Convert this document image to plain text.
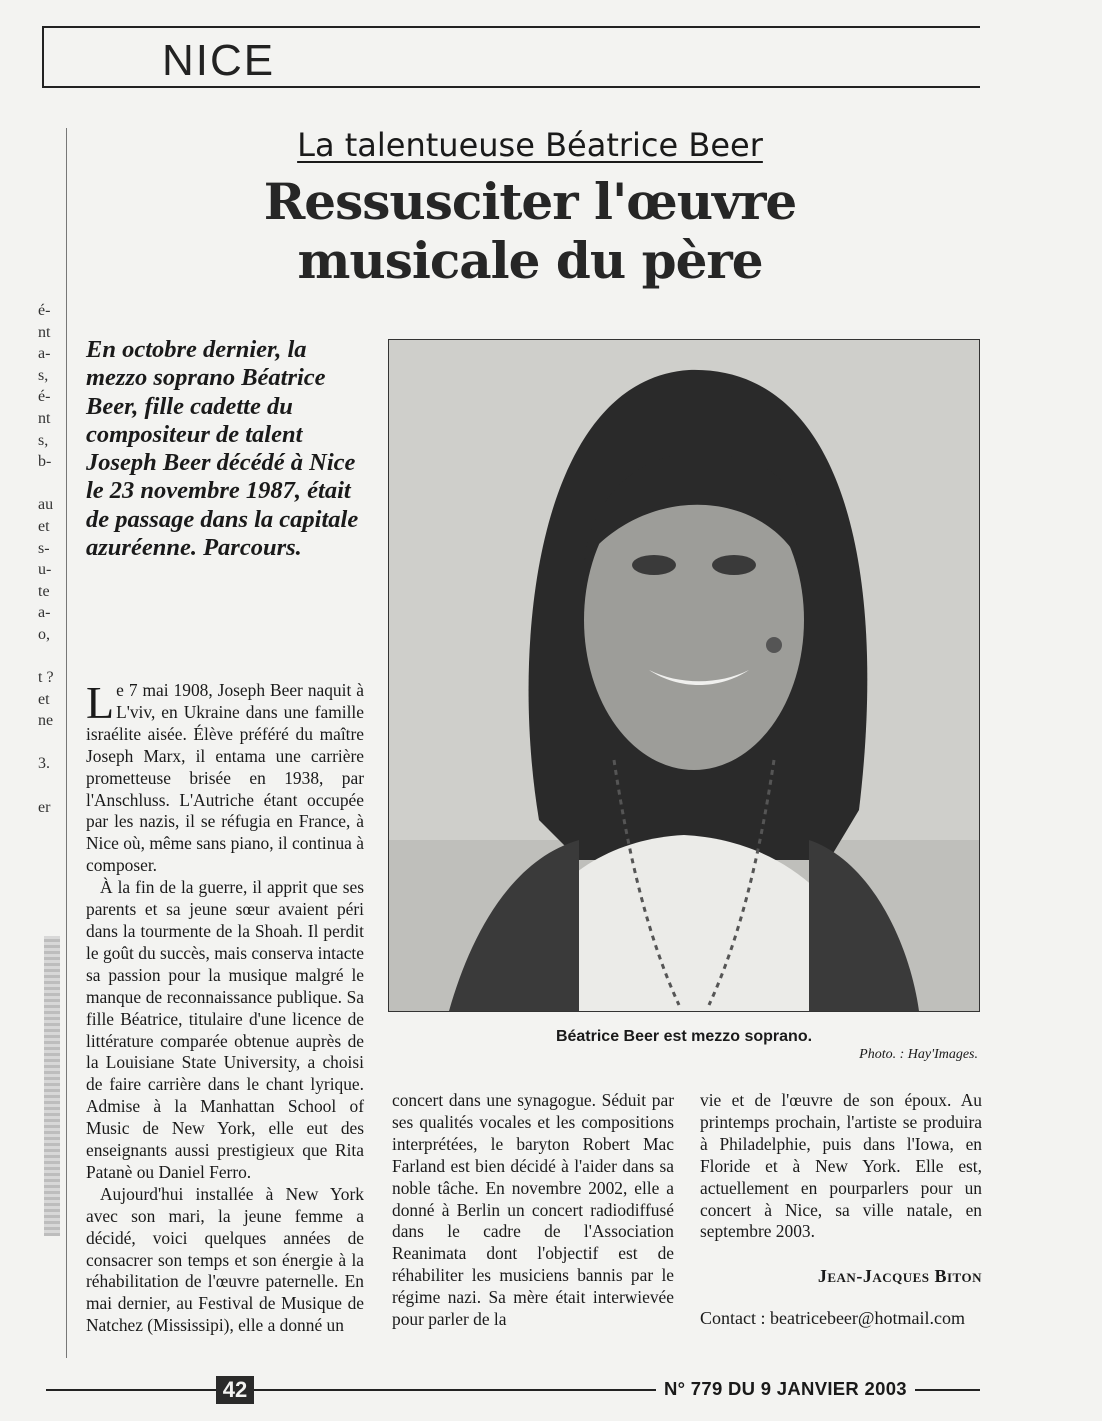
NICE
é-
nt
a-
s,
é-
nt
s,
b-
au
et
s-
u-
te
a-
o,
t ?
et
ne
3.
er
La talentueuse Béatrice Beer
Ressusciter l'œuvre
musicale du père

En octobre dernier, la mezzo soprano Béatrice Beer, fille cadette du compositeur de talent Joseph Beer décédé à Nice le 23 novembre 1987, était de passage dans la capitale azuréenne. Parcours.

Béatrice Beer est mezzo soprano.
Photo. : Hay'Images.

Le 7 mai 1908, Joseph Beer naquit à L'viv, en Ukraine dans une famille israélite aisée. Élève préféré du maître Joseph Marx, il entama une carrière prometteuse brisée en 1938, par l'Anschluss. L'Autriche étant occupée par les nazis, il se réfugia en France, à Nice où, même sans piano, il continua à composer.

À la fin de la guerre, il apprit que ses parents et sa jeune sœur avaient péri dans la tourmente de la Shoah. Il perdit le goût du succès, mais conserva intacte sa passion pour la musique malgré le manque de reconnaissance publique. Sa fille Béatrice, titulaire d'une licence de littérature comparée obtenue auprès de la Louisiane State University, a choisi de faire carrière dans le chant lyrique. Admise à la Manhattan School of Music de New York, elle eut des enseignants aussi prestigieux que Rita Patanè ou Daniel Ferro.

Aujourd'hui installée à New York avec son mari, la jeune femme a décidé, voici quelques années de consacrer son temps et son énergie à la réhabilitation de l'œuvre paternelle. En mai dernier, au Festival de Musique de Natchez (Mississipi), elle a donné un

concert dans une synagogue. Séduit par ses qualités vocales et les compositions interprétées, le baryton Robert Mac Farland est bien décidé à l'aider dans sa noble tâche. En novembre 2002, elle a donné à Berlin un concert radiodiffusé dans le cadre de l'Association Reanimata dont l'objectif est de réhabiliter les musiciens bannis par le régime nazi. Sa mère était interwievée pour parler de la

vie et de l'œuvre de son époux. Au printemps prochain, l'artiste se produira à Philadelphie, puis dans l'Iowa, en Floride et à New York. Elle est, actuellement en pourparlers pour un concert à Nice, sa ville natale, en septembre 2003.

Jean-Jacques Biton
Contact : beatricebeer@hotmail.com
42	N° 779 DU 9 JANVIER 2003
